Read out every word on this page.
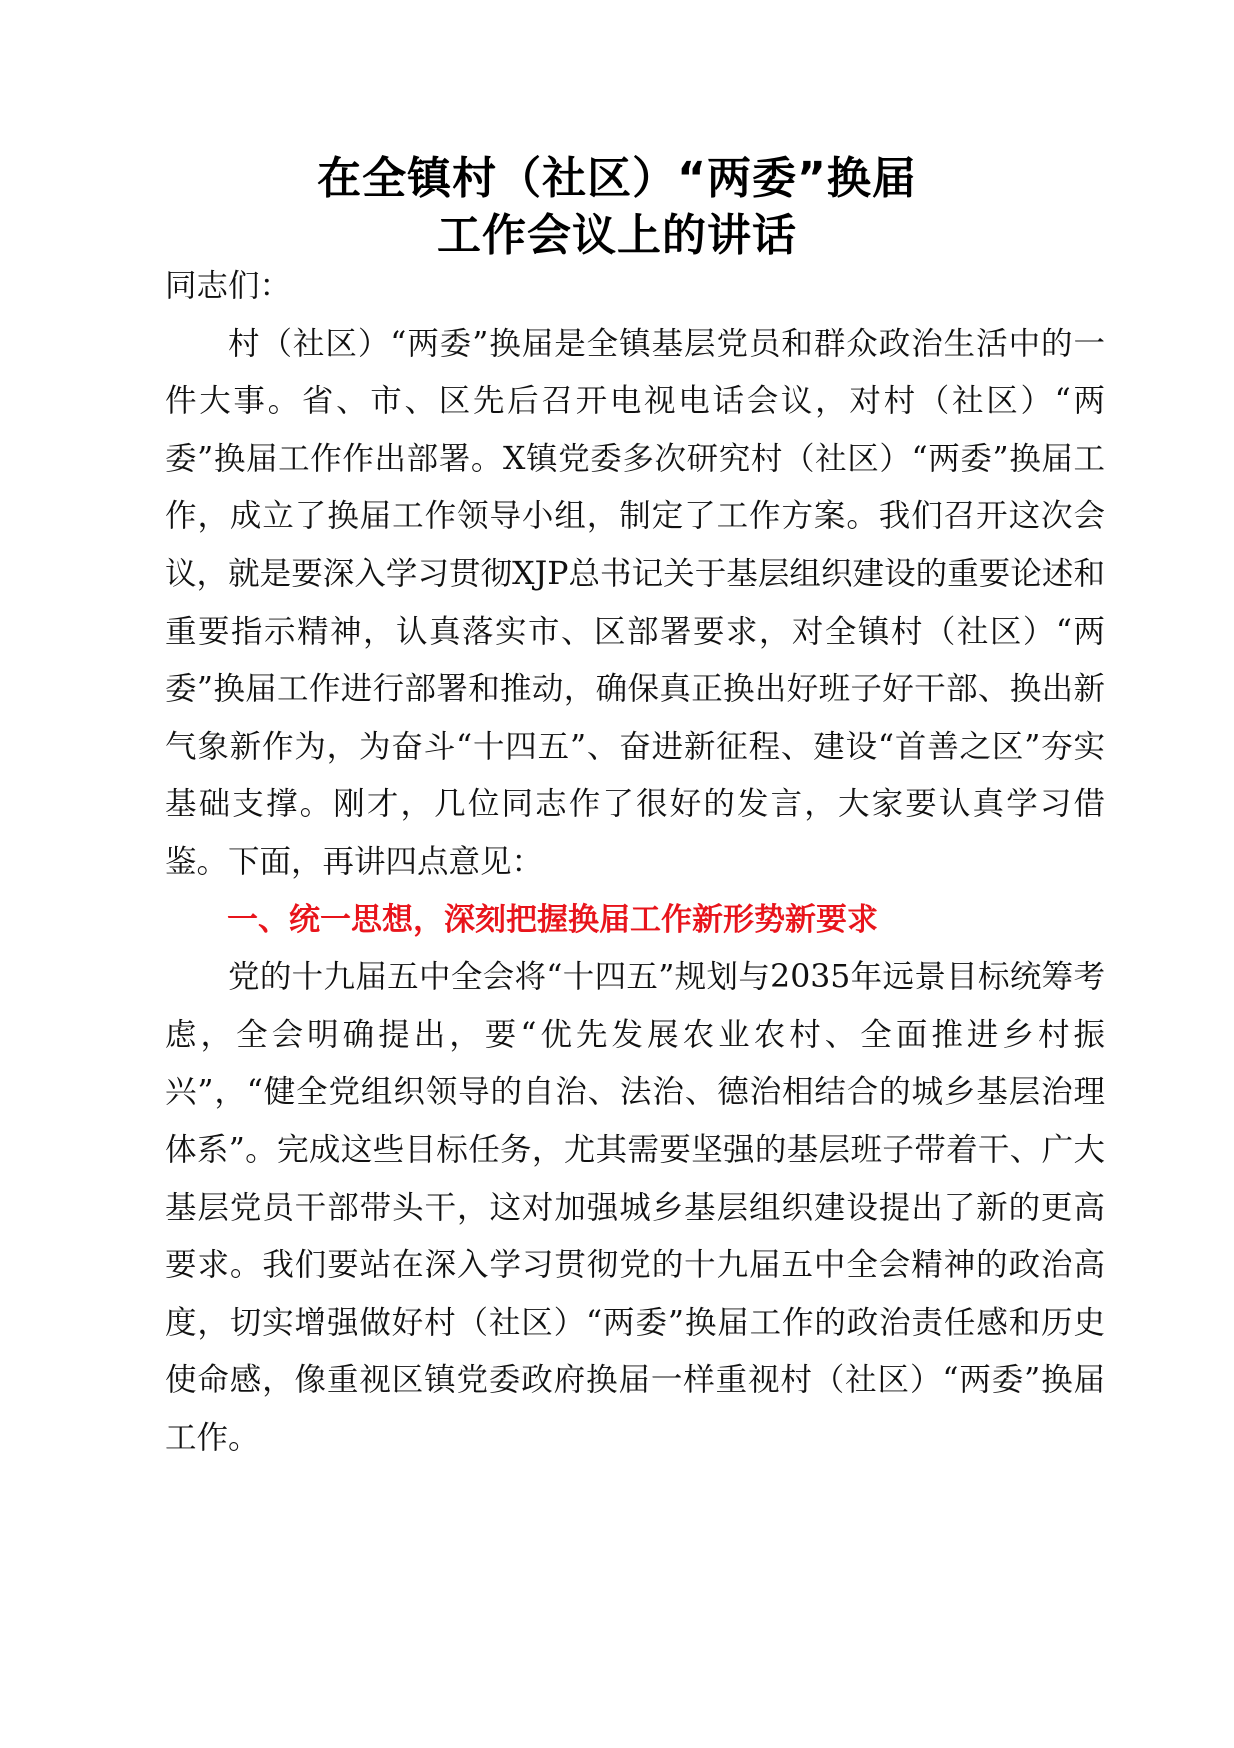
在全镇村（社区）“两委”换届
工作会议上的讲话

同志们：

村（社区）“两委”换届是全镇基层党员和群众政治生活中的一件大事。省、市、区先后召开电视电话会议，对村（社区）“两委”换届工作作出部署。X镇党委多次研究村（社区）“两委”换届工作，成立了换届工作领导小组，制定了工作方案。我们召开这次会议，就是要深入学习贯彻XJP总书记关于基层组织建设的重要论述和重要指示精神，认真落实市、区部署要求，对全镇村（社区）“两委”换届工作进行部署和推动，确保真正换出好班子好干部、换出新气象新作为，为奋斗“十四五”、奋进新征程、建设“首善之区”夯实基础支撑。刚才，几位同志作了很好的发言，大家要认真学习借鉴。下面，再讲四点意见：

一、统一思想，深刻把握换届工作新形势新要求

党的十九届五中全会将“十四五”规划与2035年远景目标统筹考虑，全会明确提出，要“优先发展农业农村、全面推进乡村振兴”，“健全党组织领导的自治、法治、德治相结合的城乡基层治理体系”。完成这些目标任务，尤其需要坚强的基层班子带着干、广大基层党员干部带头干，这对加强城乡基层组织建设提出了新的更高要求。我们要站在深入学习贯彻党的十九届五中全会精神的政治高度，切实增强做好村（社区）“两委”换届工作的政治责任感和历史使命感，像重视区镇党委政府换届一样重视村（社区）“两委”换届工作。
